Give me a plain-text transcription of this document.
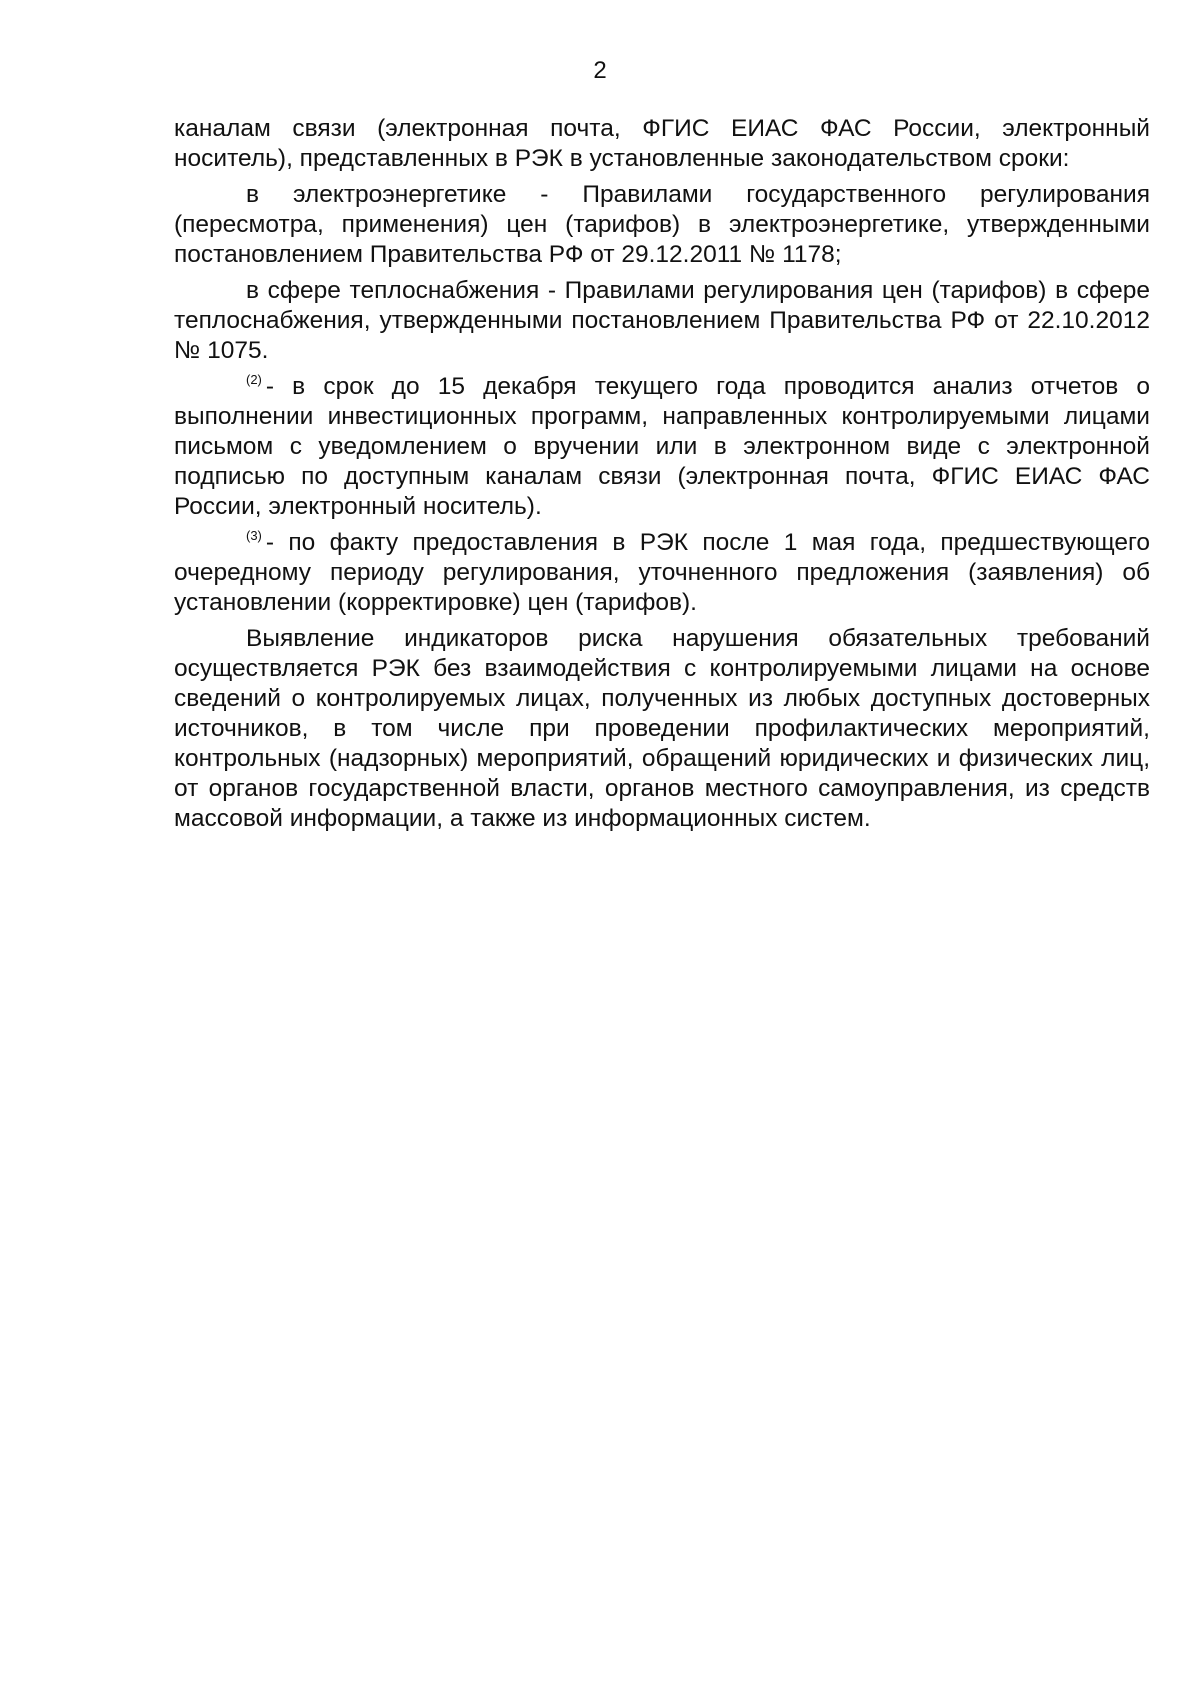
2

каналам связи (электронная почта, ФГИС ЕИАС ФАС России, электронный носитель), представленных в РЭК в установленные законодательством сроки:

в электроэнергетике - Правилами государственного регулирования (пересмотра, применения) цен (тарифов) в электроэнергетике, утвержденными постановлением Правительства РФ от 29.12.2011 № 1178;

в сфере теплоснабжения - Правилами регулирования цен (тарифов) в сфере теплоснабжения, утвержденными постановлением Правительства РФ от 22.10.2012 № 1075.

$^{(2)}$ - в срок до 15 декабря текущего года проводится анализ отчетов о выполнении инвестиционных программ, направленных контролируемыми лицами письмом с уведомлением о вручении или в электронном виде с электронной подписью по доступным каналам связи (электронная почта, ФГИС ЕИАС ФАС России, электронный носитель).

$^{(3)}$ - по факту предоставления в РЭК после 1 мая года, предшествующего очередному периоду регулирования, уточненного предложения (заявления) об установлении (корректировке) цен (тарифов).

Выявление индикаторов риска нарушения обязательных требований осуществляется РЭК без взаимодействия с контролируемыми лицами на основе сведений о контролируемых лицах, полученных из любых доступных достоверных источников, в том числе при проведении профилактических мероприятий, контрольных (надзорных) мероприятий, обращений юридических и физических лиц, от органов государственной власти, органов местного самоуправления, из средств массовой информации, а также из информационных систем.
